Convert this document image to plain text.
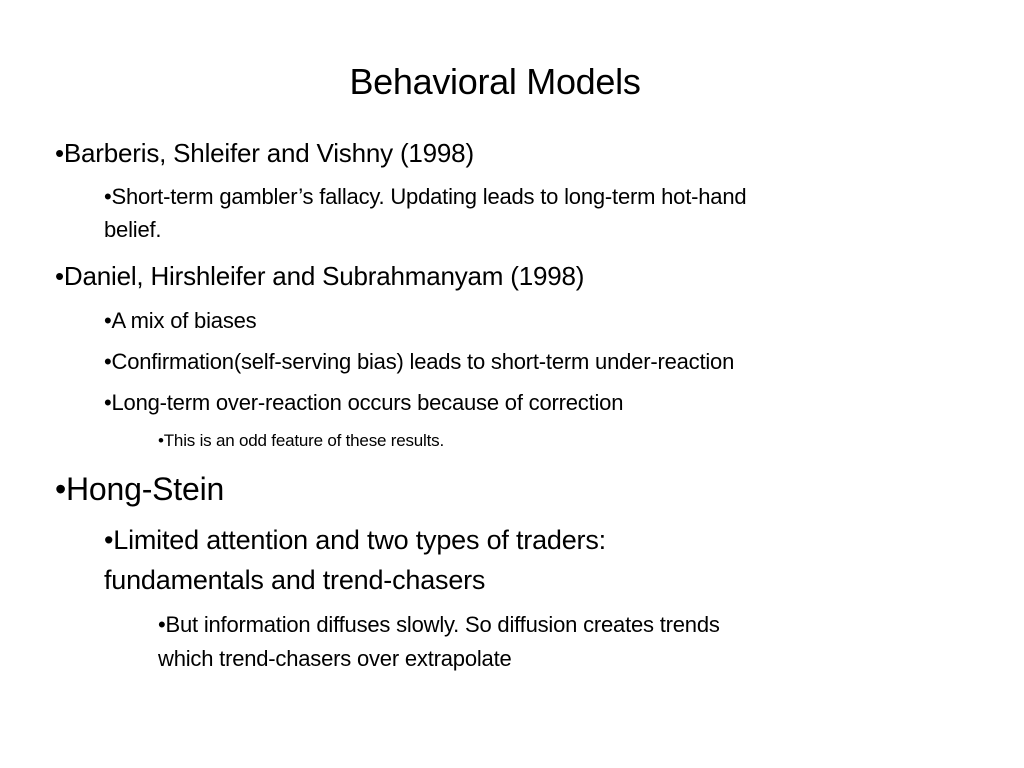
Behavioral Models
•Barberis, Shleifer and Vishny (1998)
•Short-term gambler’s fallacy. Updating leads to long-term hot-hand
belief.
•Daniel, Hirshleifer and Subrahmanyam (1998)
•A mix of biases
•Confirmation(self-serving bias) leads to short-term under-reaction
•Long-term over-reaction occurs because of correction
•This is an odd feature of these results.
•Hong-Stein
•Limited attention and two types of traders:
fundamentals and trend-chasers
•But information diffuses slowly. So diffusion creates trends
which trend-chasers over extrapolate
